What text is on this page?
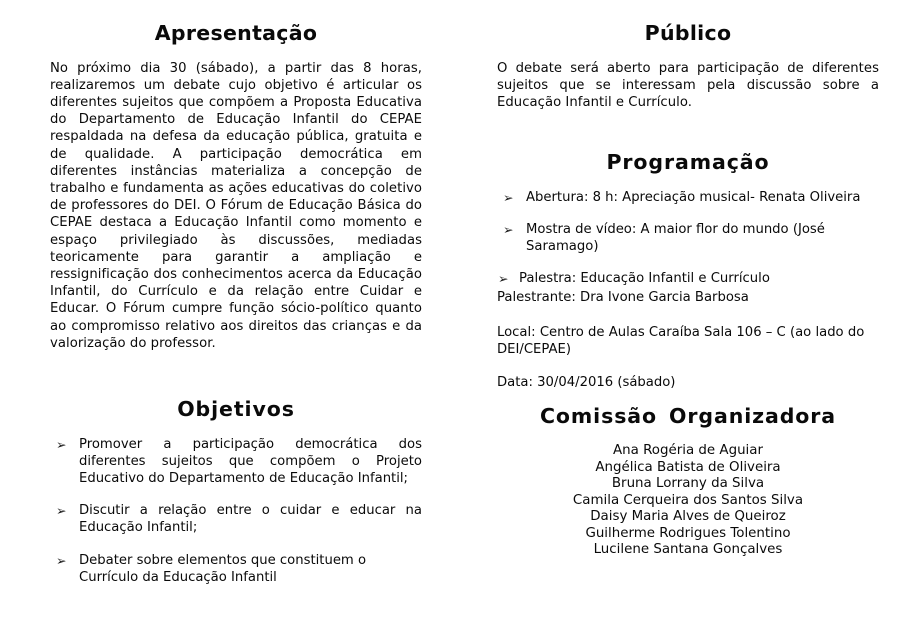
Apresentação

No próximo dia 30 (sábado), a partir das 8 horas, realizaremos um debate cujo objetivo é articular os diferentes sujeitos que compõem a Proposta Educativa do Departamento de Educação Infantil do CEPAE respaldada na defesa da educação pública, gratuita e de qualidade. A participação democrática em diferentes instâncias materializa a concepção de trabalho e fundamenta as ações educativas do coletivo de professores do DEI. O Fórum de Educação Básica do CEPAE destaca a Educação Infantil como momento e espaço privilegiado às discussões, mediadas teoricamente para garantir a ampliação e ressignificação dos conhecimentos acerca da Educação Infantil, do Currículo e da relação entre Cuidar e Educar. O Fórum cumpre função sócio-político quanto ao compromisso relativo aos direitos das crianças e da valorização do professor.

Objetivos
➢ Promover a participação democrática dos diferentes sujeitos que compõem o Projeto Educativo do Departamento de Educação Infantil;
➢ Discutir a relação entre o cuidar e educar na Educação Infantil;
➢ Debater sobre elementos que constituem o Currículo da Educação Infantil
Público

O debate será aberto para participação de diferentes sujeitos que se interessam pela discussão sobre a Educação Infantil e Currículo.

Programação
➢ Abertura: 8 h: Apreciação musical- Renata Oliveira
➢ Mostra de vídeo: A maior flor do mundo (José Saramago)
➢ Palestra: Educação Infantil e Currículo

Palestrante: Dra Ivone Garcia Barbosa

Local: Centro de Aulas Caraíba Sala 106 – C (ao lado do DEI/CEPAE)

Data: 30/04/2016 (sábado)

Comissão Organizadora
Ana Rogéria de Aguiar
Angélica Batista de Oliveira
Bruna Lorrany da Silva
Camila Cerqueira dos Santos Silva
Daisy Maria Alves de Queiroz
Guilherme Rodrigues Tolentino
Lucilene Santana Gonçalves
